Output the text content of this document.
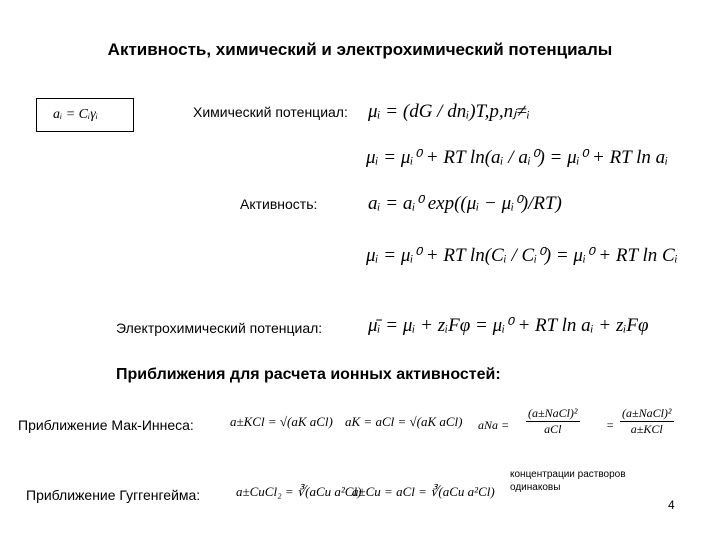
Активность, химический и электрохимический потенциалы
aᵢ = Cᵢγᵢ	Химический потенциал: μᵢ = (dG / dnᵢ)T,p,nⱼ≠ᵢ
μᵢ = μᵢ⁰ + RT ln(aᵢ / aᵢ⁰) = μᵢ⁰ + RT ln aᵢ
Активность:	aᵢ = aᵢ⁰ exp((μᵢ − μᵢ⁰)/RT)
μᵢ = μᵢ⁰ + RT ln(Cᵢ / Cᵢ⁰) = μᵢ⁰ + RT ln Cᵢ
Электрохимический потенциал: μ̄ᵢ = μᵢ + zᵢFφ = μᵢ⁰ + RT ln aᵢ + zᵢFφ
Приближения для расчета ионных активностей:
Приближение Мак-Иннеса:	a±KCl = √(aK aCl) aK = aCl = √(aK aCl) aNa =
(a±NaCl)²
aCl	=
(a±NaCl)²
a±KCl
Приближение Гуггенгейма:	a±CuCl₂ = ∛(aCu a²Cl)
a±Cu = aCl = ∛(aCu a²Cl)
концентрации растворов одинаковы
4
